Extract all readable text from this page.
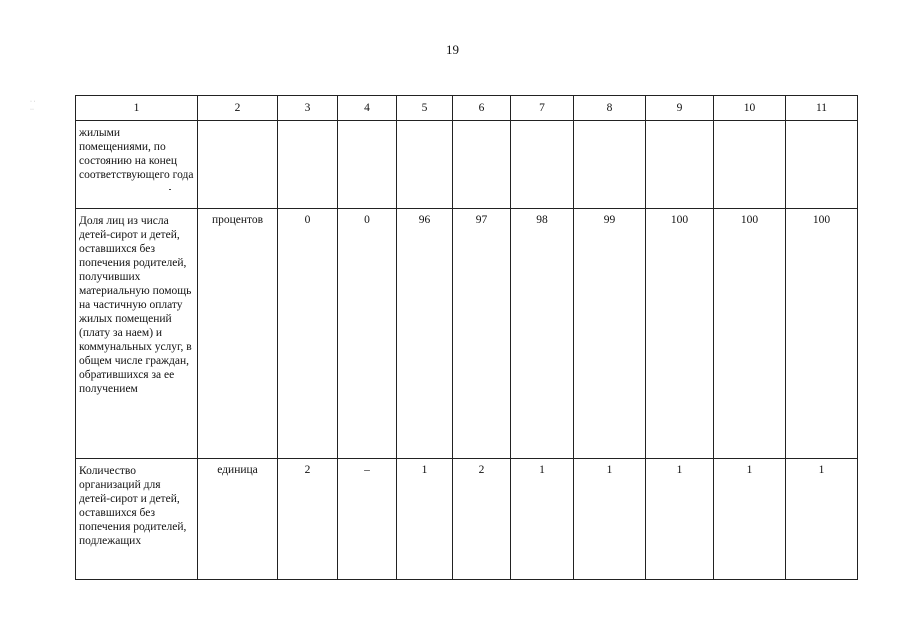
19
· ·
··	1	2	3	4	5	6	7	8	9	10	11
жилыми помещениями, по состоянию на конец соответствующего года										
Доля лиц из числа детей-сирот и детей, оставшихся без попечения родителей, получивших материальную помощь на частичную оплату жилых помещений (плату за наем) и коммунальных услуг, в общем числе граждан, обратившихся за ее получением	процентов	0	0	96	97	98	99	100	100	100
Количество организаций для детей-сирот и детей, оставшихся без попечения родителей, подлежащих	единица	2	–	1	2	1	1	1	1	1
